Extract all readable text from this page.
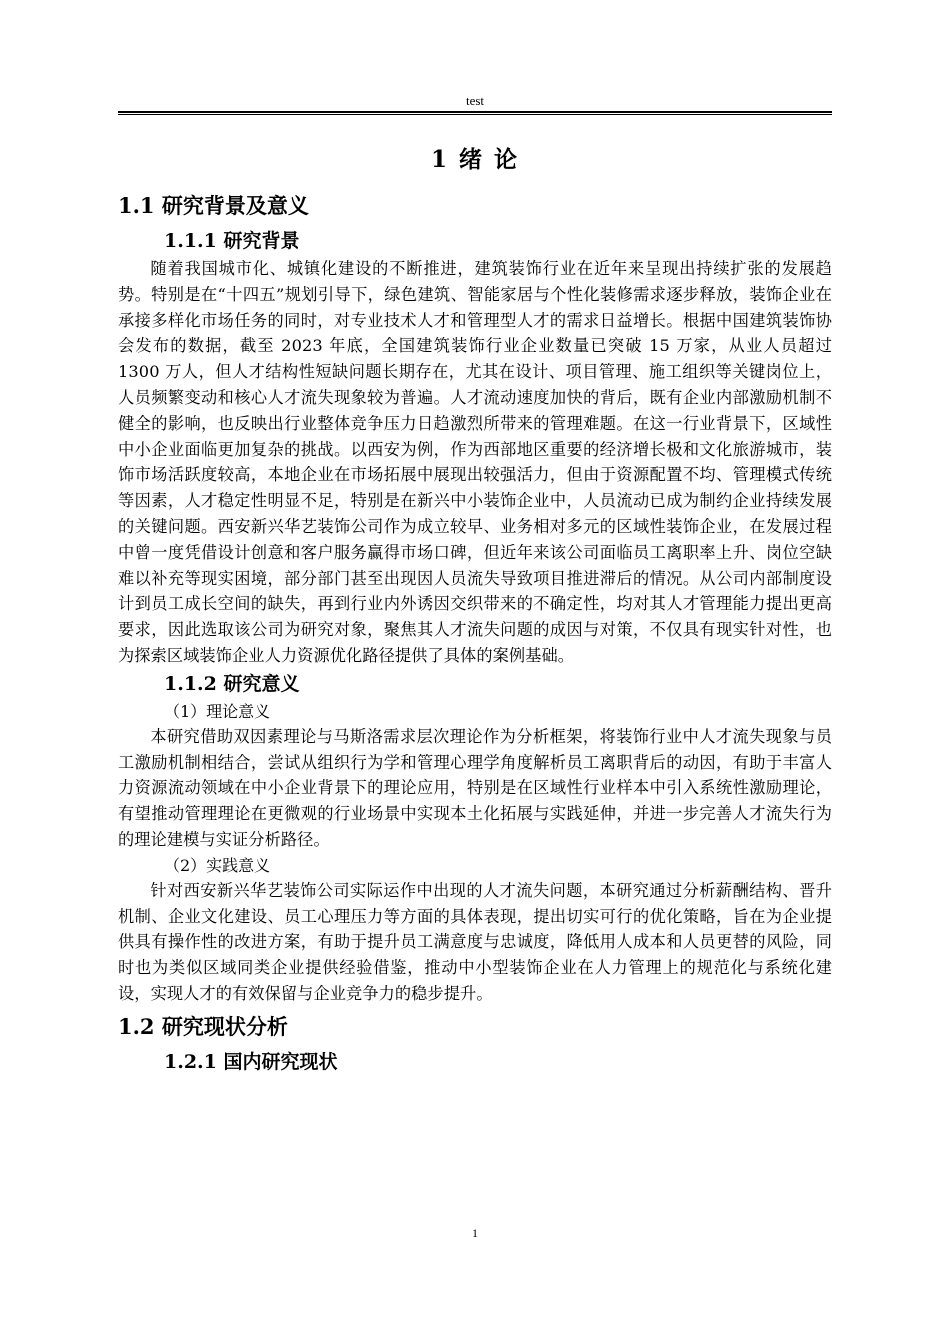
test
1 绪 论
1.1 研究背景及意义
1.1.1 研究背景

随着我国城市化、城镇化建设的不断推进，建筑装饰行业在近年来呈现出持续扩张的发展趋势。特别是在“十四五”规划引导下，绿色建筑、智能家居与个性化装修需求逐步释放，装饰企业在承接多样化市场任务的同时，对专业技术人才和管理型人才的需求日益增长。根据中国建筑装饰协会发布的数据，截至 2023 年底，全国建筑装饰行业企业数量已突破 15 万家，从业人员超过 1300 万人，但人才结构性短缺问题长期存在，尤其在设计、项目管理、施工组织等关键岗位上，人员频繁变动和核心人才流失现象较为普遍。人才流动速度加快的背后，既有企业内部激励机制不健全的影响，也反映出行业整体竞争压力日趋激烈所带来的管理难题。在这一行业背景下，区域性中小企业面临更加复杂的挑战。以西安为例，作为西部地区重要的经济增长极和文化旅游城市，装饰市场活跃度较高，本地企业在市场拓展中展现出较强活力，但由于资源配置不均、管理模式传统等因素，人才稳定性明显不足，特别是在新兴中小装饰企业中，人员流动已成为制约企业持续发展的关键问题。西安新兴华艺装饰公司作为成立较早、业务相对多元的区域性装饰企业，在发展过程中曾一度凭借设计创意和客户服务赢得市场口碑，但近年来该公司面临员工离职率上升、岗位空缺难以补充等现实困境，部分部门甚至出现因人员流失导致项目推进滞后的情况。从公司内部制度设计到员工成长空间的缺失，再到行业内外诱因交织带来的不确定性，均对其人才管理能力提出更高要求，因此选取该公司为研究对象，聚焦其人才流失问题的成因与对策，不仅具有现实针对性，也为探索区域装饰企业人力资源优化路径提供了具体的案例基础。

1.1.2 研究意义
（1）理论意义

本研究借助双因素理论与马斯洛需求层次理论作为分析框架，将装饰行业中人才流失现象与员工激励机制相结合，尝试从组织行为学和管理心理学角度解析员工离职背后的动因，有助于丰富人力资源流动领域在中小企业背景下的理论应用，特别是在区域性行业样本中引入系统性激励理论，有望推动管理理论在更微观的行业场景中实现本土化拓展与实践延伸，并进一步完善人才流失行为的理论建模与实证分析路径。

（2）实践意义

针对西安新兴华艺装饰公司实际运作中出现的人才流失问题，本研究通过分析薪酬结构、晋升机制、企业文化建设、员工心理压力等方面的具体表现，提出切实可行的优化策略，旨在为企业提供具有操作性的改进方案，有助于提升员工满意度与忠诚度，降低用人成本和人员更替的风险，同时也为类似区域同类企业提供经验借鉴，推动中小型装饰企业在人力管理上的规范化与系统化建设，实现人才的有效保留与企业竞争力的稳步提升。

1.2 研究现状分析
1.2.1 国内研究现状
1
